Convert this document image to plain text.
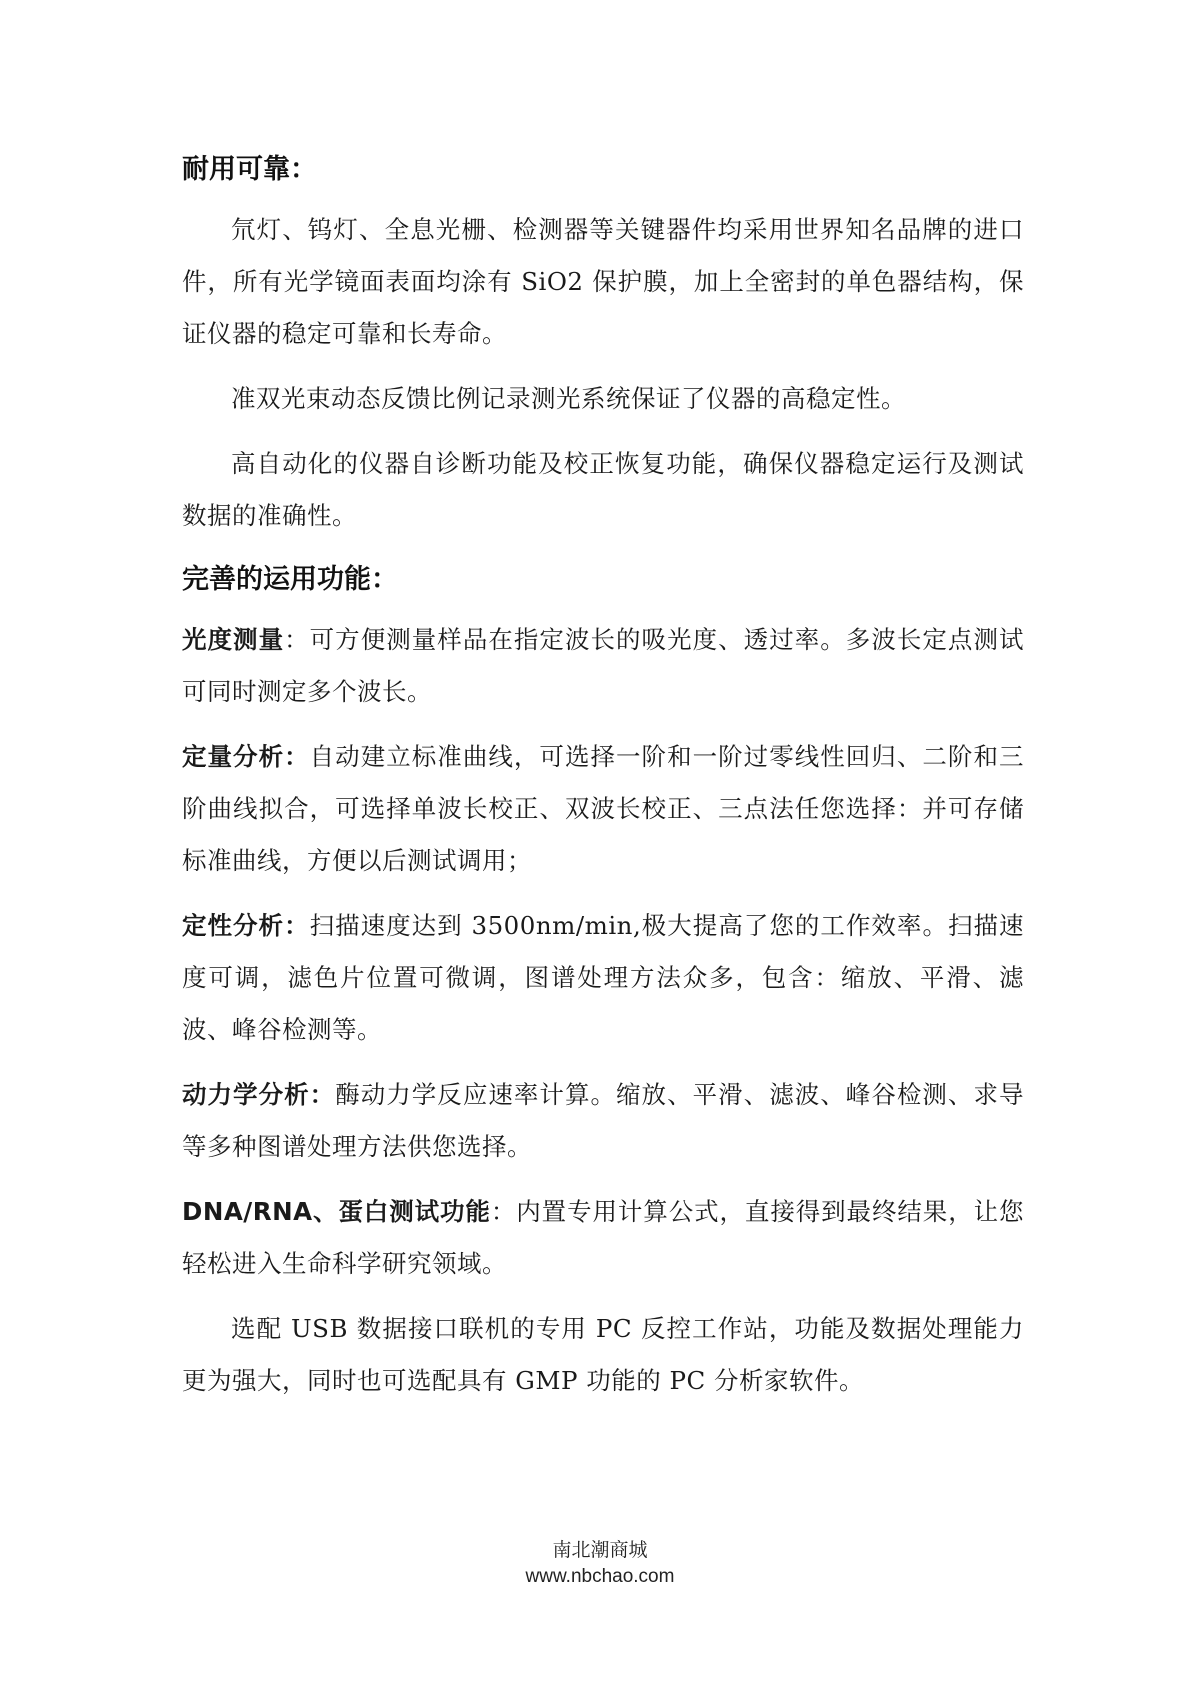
耐用可靠：

氘灯、钨灯、全息光栅、检测器等关键器件均采用世界知名品牌的进口件，所有光学镜面表面均涂有 SiO2 保护膜，加上全密封的单色器结构，保证仪器的稳定可靠和长寿命。

准双光束动态反馈比例记录测光系统保证了仪器的高稳定性。

高自动化的仪器自诊断功能及校正恢复功能，确保仪器稳定运行及测试数据的准确性。

完善的运用功能：

光度测量：可方便测量样品在指定波长的吸光度、透过率。多波长定点测试可同时测定多个波长。

定量分析：自动建立标准曲线，可选择一阶和一阶过零线性回归、二阶和三阶曲线拟合，可选择单波长校正、双波长校正、三点法任您选择：并可存储标准曲线，方便以后测试调用；

定性分析：扫描速度达到 3500nm/min,极大提高了您的工作效率。扫描速度可调，滤色片位置可微调，图谱处理方法众多，包含：缩放、平滑、滤波、峰谷检测等。

动力学分析：酶动力学反应速率计算。缩放、平滑、滤波、峰谷检测、求导等多种图谱处理方法供您选择。

DNA/RNA、蛋白测试功能：内置专用计算公式，直接得到最终结果，让您轻松进入生命科学研究领域。

选配 USB 数据接口联机的专用 PC 反控工作站，功能及数据处理能力更为强大，同时也可选配具有 GMP 功能的 PC 分析家软件。

南北潮商城
www.nbchao.com
